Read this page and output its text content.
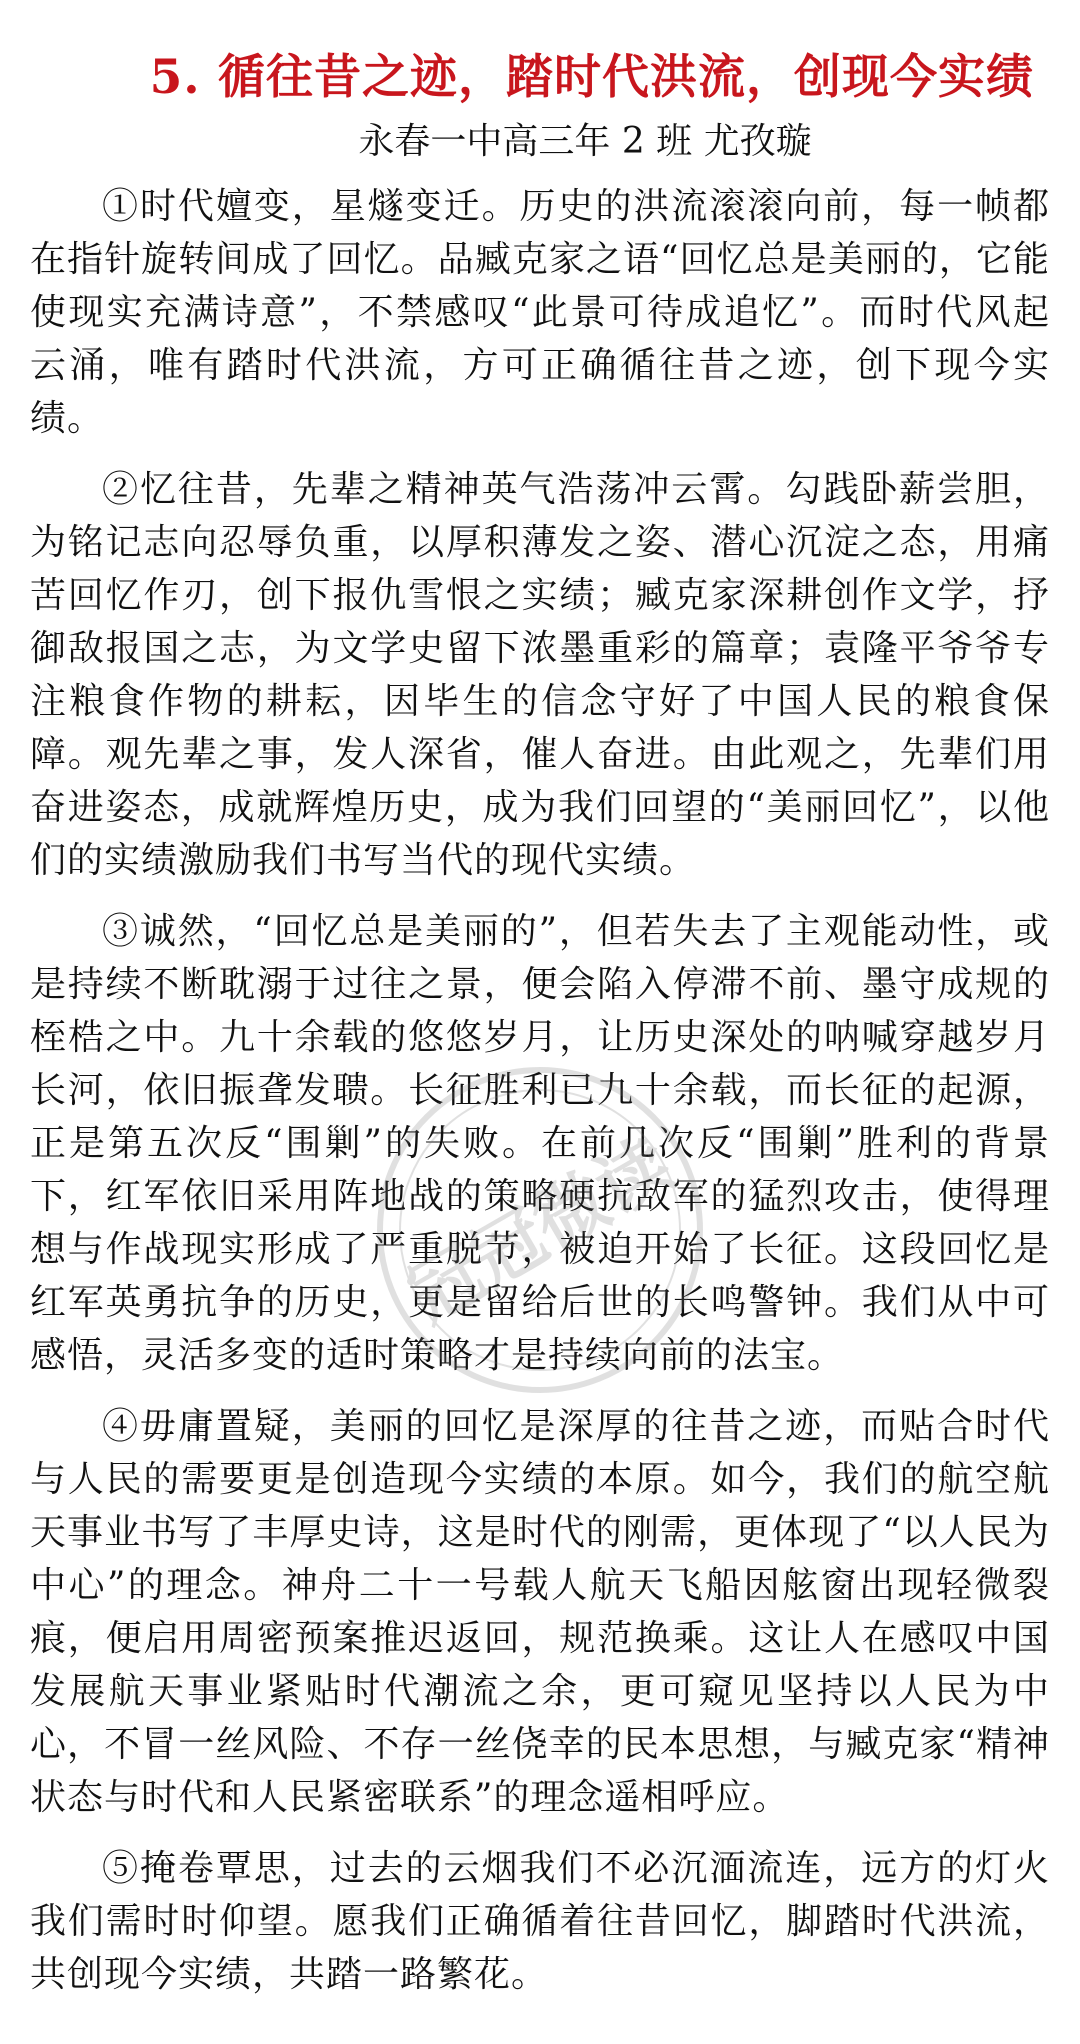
5. 循往昔之迹，踏时代洪流，创现今实绩
永春一中高三年 2 班 尤孜璇

①时代嬗变，星燧变迁。历史的洪流滚滚向前，每一帧都在指针旋转间成了回忆。品臧克家之语“回忆总是美丽的，它能使现实充满诗意”，不禁感叹“此景可待成追忆”。而时代风起云涌，唯有踏时代洪流，方可正确循往昔之迹，创下现今实绩。

②忆往昔，先辈之精神英气浩荡冲云霄。勾践卧薪尝胆，为铭记志向忍辱负重，以厚积薄发之姿、潜心沉淀之态，用痛苦回忆作刃，创下报仇雪恨之实绩；臧克家深耕创作文学，抒御敌报国之志，为文学史留下浓墨重彩的篇章；袁隆平爷爷专注粮食作物的耕耘，因毕生的信念守好了中国人民的粮食保障。观先辈之事，发人深省，催人奋进。由此观之，先辈们用奋进姿态，成就辉煌历史，成为我们回望的“美丽回忆”，以他们的实绩激励我们书写当代的现代实绩。

③诚然，“回忆总是美丽的”，但若失去了主观能动性，或是持续不断耽溺于过往之景，便会陷入停滞不前、墨守成规的桎梏之中。九十余载的悠悠岁月，让历史深处的呐喊穿越岁月长河，依旧振聋发聩。长征胜利已九十余载，而长征的起源，正是第五次反“围剿”的失败。在前几次反“围剿”胜利的背景下，红军依旧采用阵地战的策略硬抗敌军的猛烈攻击，使得理想与作战现实形成了严重脱节，被迫开始了长征。这段回忆是红军英勇抗争的历史，更是留给后世的长鸣警钟。我们从中可感悟，灵活多变的适时策略才是持续向前的法宝。

④毋庸置疑，美丽的回忆是深厚的往昔之迹，而贴合时代与人民的需要更是创造现今实绩的本原。如今，我们的航空航天事业书写了丰厚史诗，这是时代的刚需，更体现了“以人民为中心”的理念。神舟二十一号载人航天飞船因舷窗出现轻微裂痕，便启用周密预案推迟返回，规范换乘。这让人在感叹中国发展航天事业紧贴时代潮流之余，更可窥见坚持以人民为中心，不冒一丝风险、不存一丝侥幸的民本思想，与臧克家“精神状态与时代和人民紧密联系”的理念遥相呼应。

⑤掩卷覃思，过去的云烟我们不必沉湎流连，远方的灯火我们需时时仰望。愿我们正确循着往昔回忆，脚踏时代洪流，共创现今实绩，共踏一路繁花。

冠冠微读
